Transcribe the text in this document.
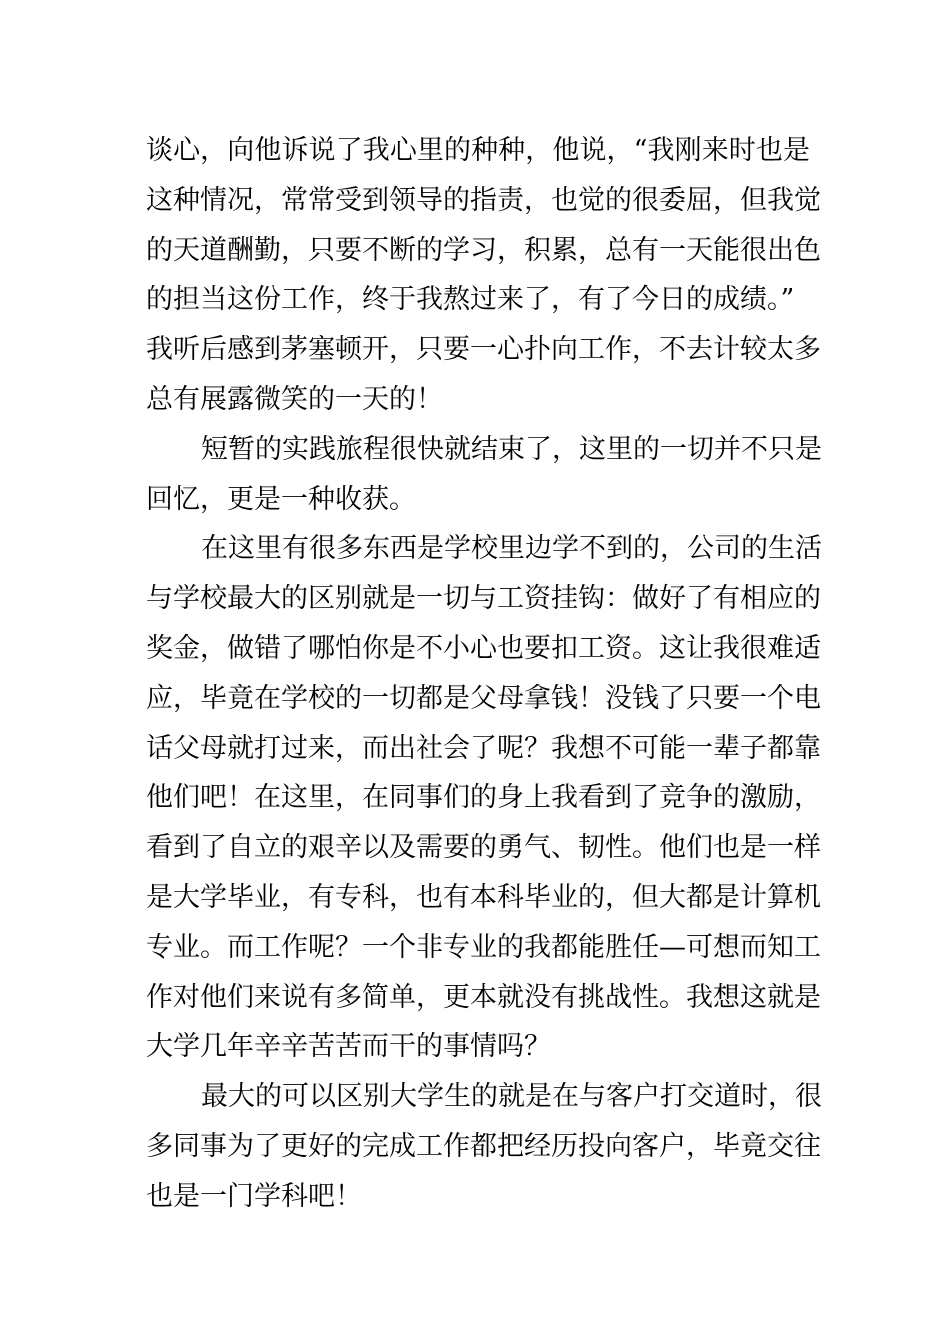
谈心，向他诉说了我心里的种种，他说，“我刚来时也是
这种情况，常常受到领导的指责，也觉的很委屈，但我觉
的天道酬勤，只要不断的学习，积累，总有一天能很出色
的担当这份工作，终于我熬过来了，有了今日的成绩。”
我听后感到茅塞顿开，只要一心扑向工作，不去计较太多
总有展露微笑的一天的！
短暂的实践旅程很快就结束了，这里的一切并不只是
回忆，更是一种收获。
在这里有很多东西是学校里边学不到的，公司的生活
与学校最大的区别就是一切与工资挂钩：做好了有相应的
奖金，做错了哪怕你是不小心也要扣工资。这让我很难适
应，毕竟在学校的一切都是父母拿钱！没钱了只要一个电
话父母就打过来，而出社会了呢？我想不可能一辈子都靠
他们吧！在这里，在同事们的身上我看到了竞争的激励，
看到了自立的艰辛以及需要的勇气、韧性。他们也是一样
是大学毕业，有专科，也有本科毕业的，但大都是计算机
专业。而工作呢？一个非专业的我都能胜任—可想而知工
作对他们来说有多简单，更本就没有挑战性。我想这就是
大学几年辛辛苦苦而干的事情吗？
最大的可以区别大学生的就是在与客户打交道时，很
多同事为了更好的完成工作都把经历投向客户，毕竟交往
也是一门学科吧！
